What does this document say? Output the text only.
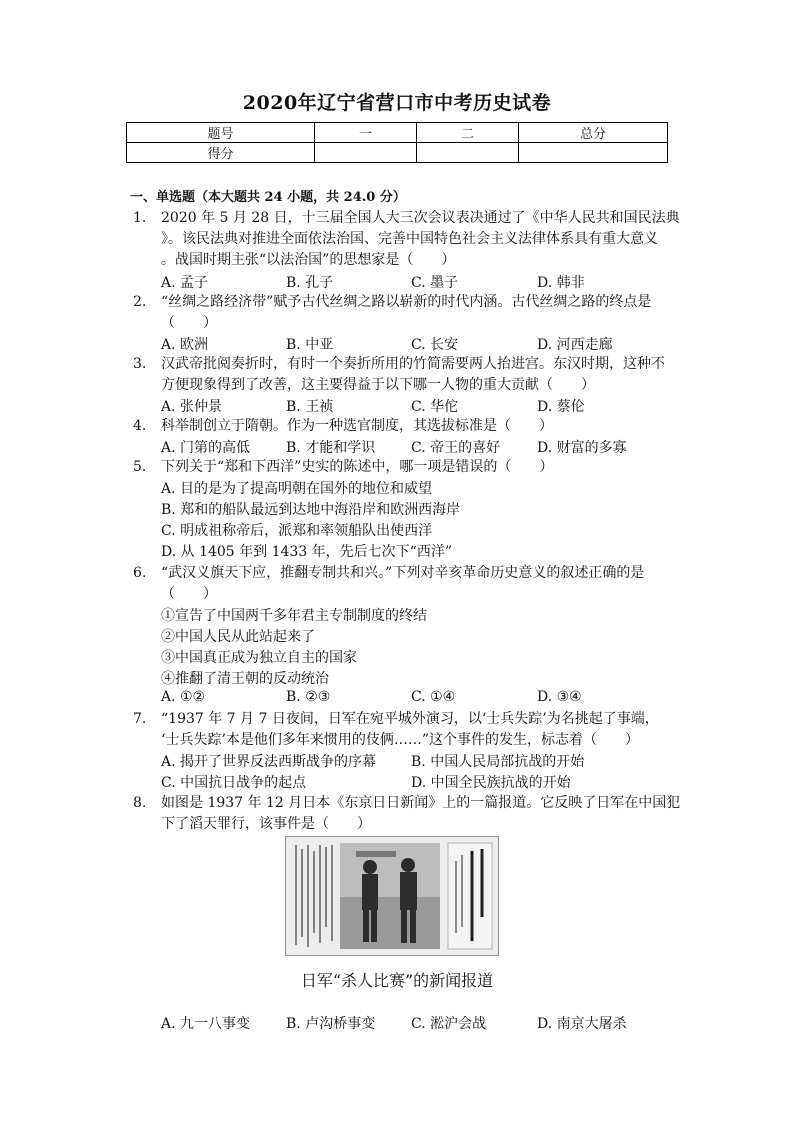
2020年辽宁省营口市中考历史试卷
题号	一	二	总分
得分			
一、单选题（本大题共 24 小题，共 24.0 分）
1.	2020 年 5 月 28 日，十三届全国人大三次会议表决通过了《中华人民共和国民法典
》。该民法典对推进全面依法治国、完善中国特色社会主义法律体系具有重大意义
。战国时期主张“以法治国”的思想家是（　　）
A. 孟子	B. 孔子	C. 墨子	D. 韩非
2.	“丝绸之路经济带”赋予古代丝绸之路以崭新的时代内涵。古代丝绸之路的终点是
（　　）
A. 欧洲	B. 中亚	C. 长安	D. 河西走廊
3.	汉武帝批阅奏折时，有时一个奏折所用的竹简需要两人抬进宫。东汉时期，这种不
方便现象得到了改善，这主要得益于以下哪一人物的重大贡献（　　）
A. 张仲景	B. 王祯	C. 华佗	D. 蔡伦
4.	科举制创立于隋朝。作为一种选官制度，其选拔标准是（　　）
A. 门第的高低	B. 才能和学识	C. 帝王的喜好	D. 财富的多寡
5.	下列关于“郑和下西洋”史实的陈述中，哪一项是错误的（　　）
A. 目的是为了提高明朝在国外的地位和威望
B. 郑和的船队最远到达地中海沿岸和欧洲西海岸
C. 明成祖称帝后，派郑和率领船队出使西洋
D. 从 1405 年到 1433 年，先后七次下“西洋”
6.	“武汉义旗天下应，推翻专制共和兴。”下列对辛亥革命历史意义的叙述正确的是
（　　）
①宣告了中国两千多年君主专制制度的终结
②中国人民从此站起来了
③中国真正成为独立自主的国家
④推翻了清王朝的反动统治
A. ①②	B. ②③	C. ①④	D. ③④
7.	“1937 年 7 月 7 日夜间，日军在宛平城外演习，以‘士兵失踪’为名挑起了事端，
‘士兵失踪’本是他们多年来惯用的伎俩……”这个事件的发生，标志着（　　）
A. 揭开了世界反法西斯战争的序幕 B. 中国人民局部抗战的开始
C. 中国抗日战争的起点	D. 中国全民族抗战的开始
8.	如图是 1937 年 12 月日本《东京日日新闻》上的一篇报道。它反映了日军在中国犯
下了滔天罪行，该事件是（　　）
日军“杀人比赛”的新闻报道
A. 九一八事变	B. 卢沟桥事变	C. 淞沪会战	D. 南京大屠杀
